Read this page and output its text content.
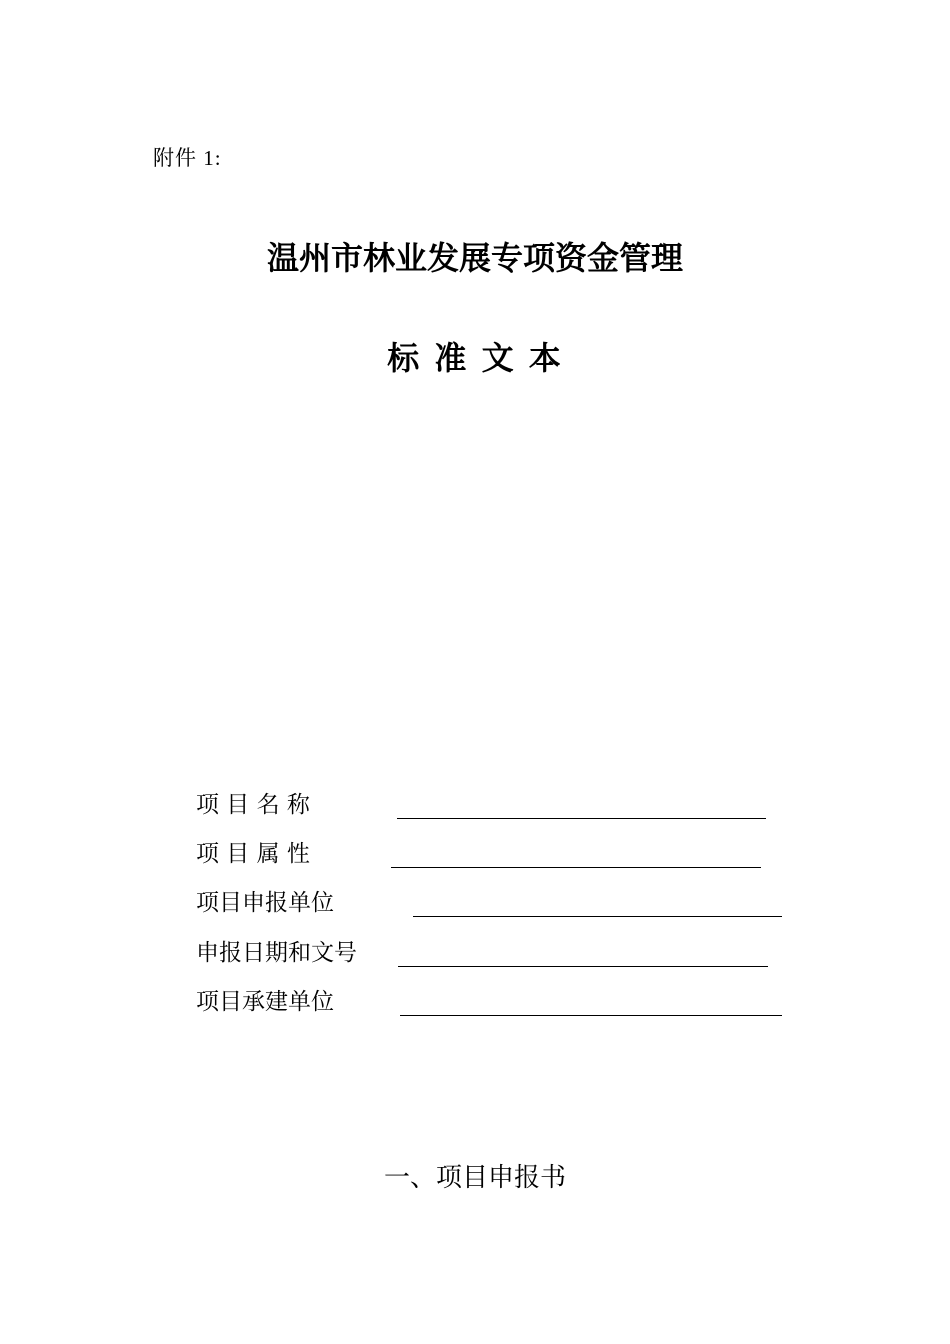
附件 1:
温州市林业发展专项资金管理
标 准 文 本
项 目 名 称
项 目 属 性
项目申报单位
申报日期和文号
项目承建单位
一、项目申报书
